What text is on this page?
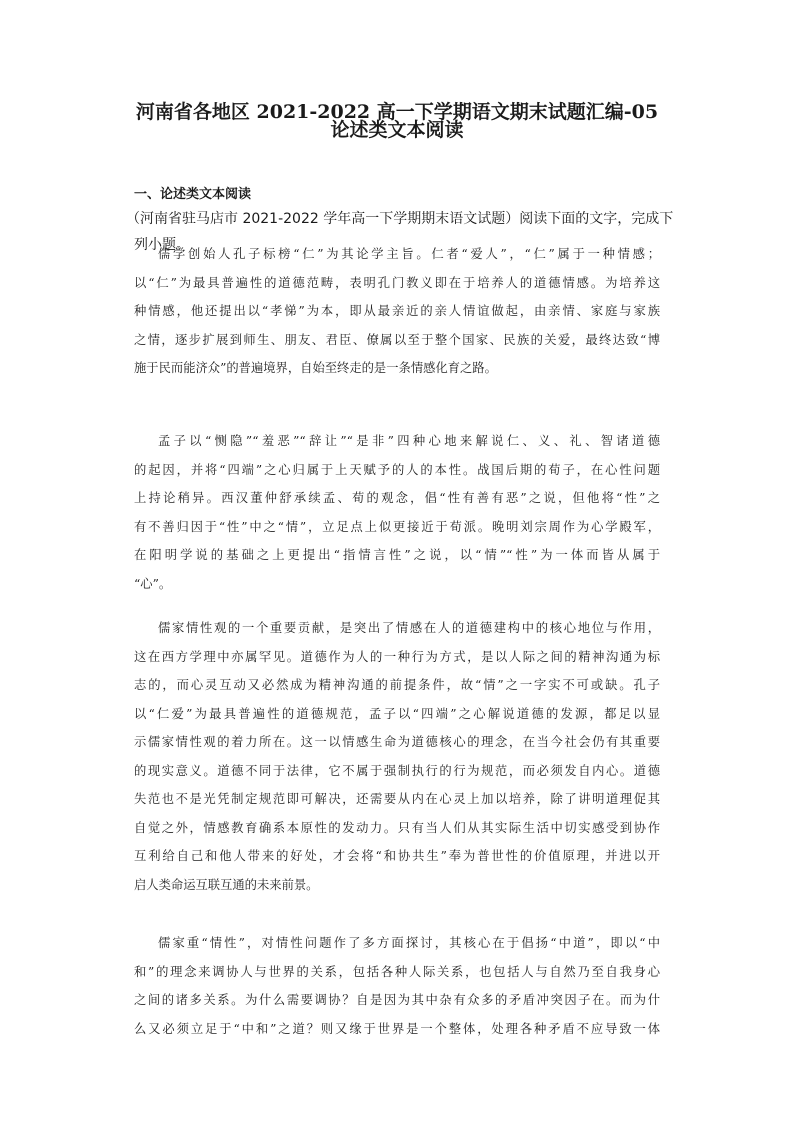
河南省各地区 2021-2022 高一下学期语文期末试题汇编-05
论述类文本阅读
一、论述类文本阅读
（河南省驻马店市 2021-2022 学年高一下学期期末语文试题）阅读下面的文字，完成下
列小题。
儒学创始人孔子标榜“仁”为其论学主旨。仁者“爱人”，“仁”属于一种情感；
以“仁”为最具普遍性的道德范畴，表明孔门教义即在于培养人的道德情感。为培养这
种情感，他还提出以“孝悌”为本，即从最亲近的亲人情谊做起，由亲情、家庭与家族
之情，逐步扩展到师生、朋友、君臣、僚属以至于整个国家、民族的关爱，最终达致“博
施于民而能济众”的普遍境界，自始至终走的是一条情感化育之路。
孟子以“恻隐”“羞恶”“辞让”“是非”四种心地来解说仁、义、礼、智诸道德
的起因，并将“四端”之心归属于上天赋予的人的本性。战国后期的荀子，在心性问题
上持论稍异。西汉董仲舒承续孟、荀的观念，倡“性有善有恶”之说，但他将“性”之
有不善归因于“性”中之“情”，立足点上似更接近于荀派。晚明刘宗周作为心学殿军，
在阳明学说的基础之上更提出“指情言性”之说，以“情”“性”为一体而皆从属于
“心”。
儒家情性观的一个重要贡献，是突出了情感在人的道德建构中的核心地位与作用，
这在西方学理中亦属罕见。道德作为人的一种行为方式，是以人际之间的精神沟通为标
志的，而心灵互动又必然成为精神沟通的前提条件，故“情”之一字实不可或缺。孔子
以“仁爱”为最具普遍性的道德规范，孟子以“四端”之心解说道德的发源，都足以显
示儒家情性观的着力所在。这一以情感生命为道德核心的理念，在当今社会仍有其重要
的现实意义。道德不同于法律，它不属于强制执行的行为规范，而必须发自内心。道德
失范也不是光凭制定规范即可解决，还需要从内在心灵上加以培养，除了讲明道理促其
自觉之外，情感教育确系本原性的发动力。只有当人们从其实际生活中切实感受到协作
互利给自己和他人带来的好处，才会将“和协共生”奉为普世性的价值原理，并进以开
启人类命运互联互通的未来前景。
儒家重“情性”，对情性问题作了多方面探讨，其核心在于倡扬“中道”，即以“中
和”的理念来调协人与世界的关系，包括各种人际关系，也包括人与自然乃至自我身心
之间的诸多关系。为什么需要调协？自是因为其中杂有众多的矛盾冲突因子在。而为什
么又必须立足于“中和”之道？则又缘于世界是一个整体，处理各种矛盾不应导致一体
